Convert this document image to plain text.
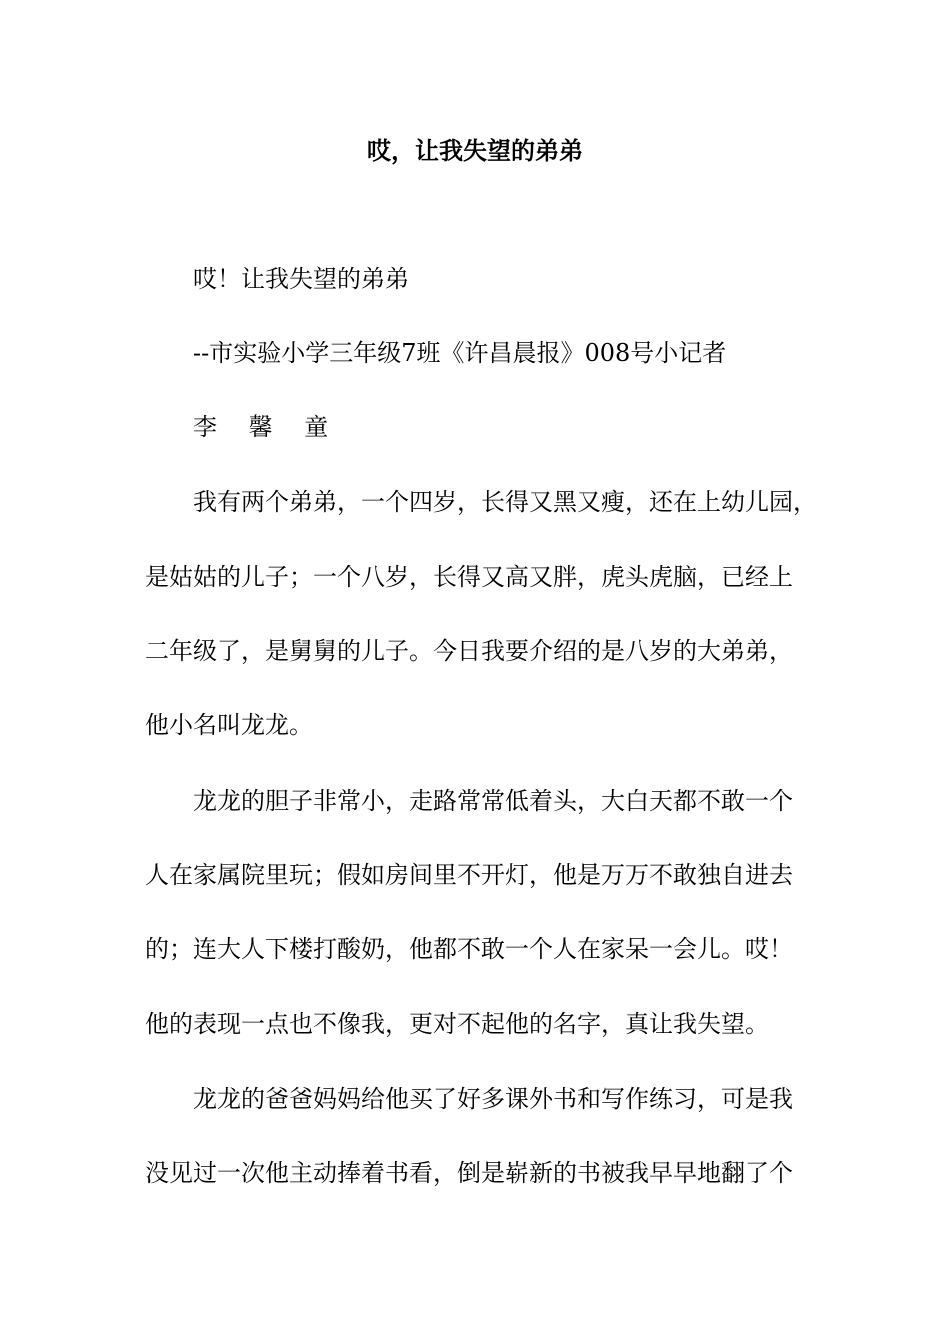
哎，让我失望的弟弟
哎！让我失望的弟弟
--市实验小学三年级7班《许昌晨报》008号小记者
李 馨 童
我有两个弟弟，一个四岁，长得又黑又瘦，还在上幼儿园，
是姑姑的儿子；一个八岁，长得又高又胖，虎头虎脑，已经上
二年级了，是舅舅的儿子。今日我要介绍的是八岁的大弟弟，
他小名叫龙龙。
龙龙的胆子非常小，走路常常低着头，大白天都不敢一个
人在家属院里玩；假如房间里不开灯，他是万万不敢独自进去
的；连大人下楼打酸奶，他都不敢一个人在家呆一会儿。哎！
他的表现一点也不像我，更对不起他的名字，真让我失望。
龙龙的爸爸妈妈给他买了好多课外书和写作练习，可是我
没见过一次他主动捧着书看，倒是崭新的书被我早早地翻了个
